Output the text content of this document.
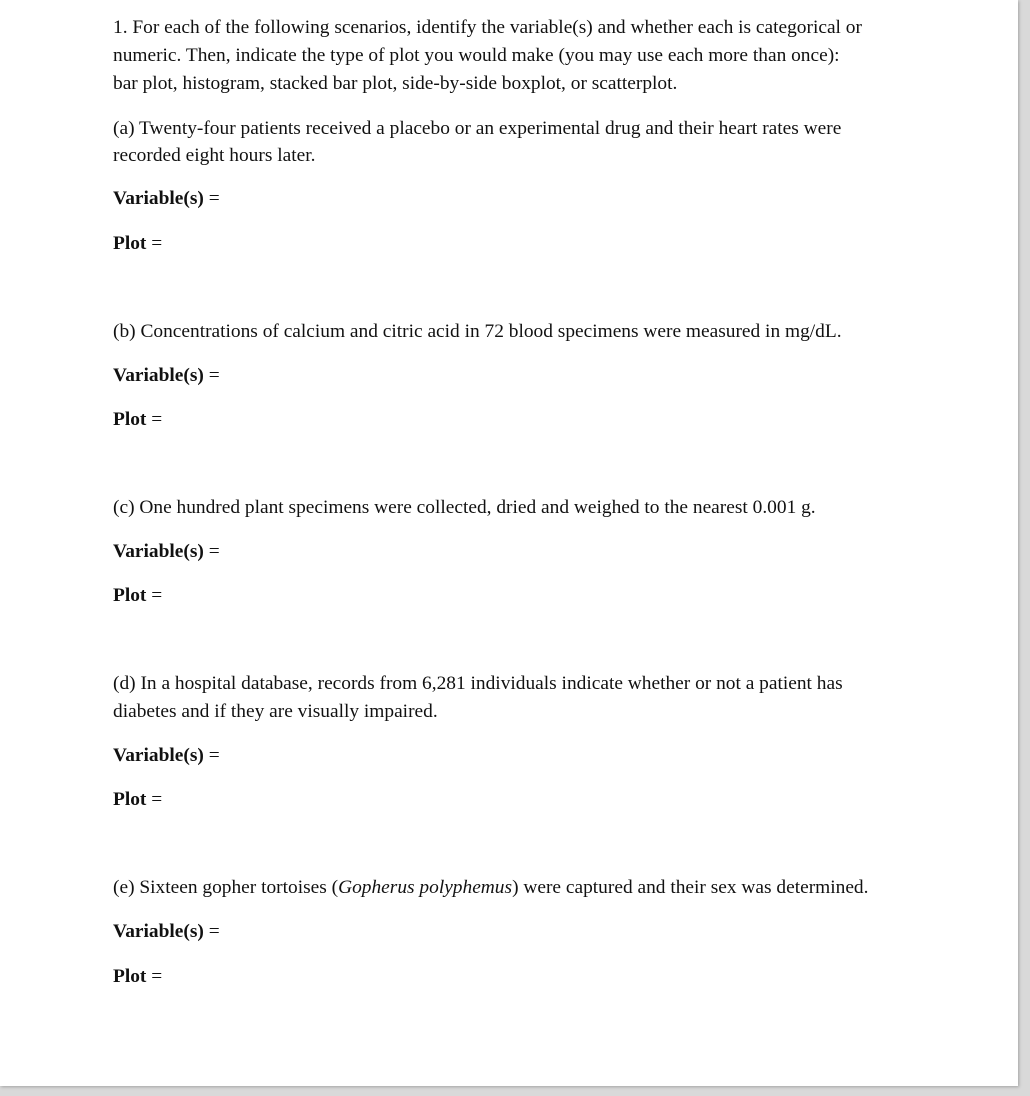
1. For each of the following scenarios, identify the variable(s) and whether each is categorical or
numeric. Then, indicate the type of plot you would make (you may use each more than once):
bar plot, histogram, stacked bar plot, side-by-side boxplot, or scatterplot.
(a) Twenty-four patients received a placebo or an experimental drug and their heart rates were
recorded eight hours later.
Variable(s) =
Plot =
(b) Concentrations of calcium and citric acid in 72 blood specimens were measured in mg/dL.
Variable(s) =
Plot =
(c) One hundred plant specimens were collected, dried and weighed to the nearest 0.001 g.
Variable(s) =
Plot =
(d) In a hospital database, records from 6,281 individuals indicate whether or not a patient has
diabetes and if they are visually impaired.
Variable(s) =
Plot =
(e) Sixteen gopher tortoises (Gopherus polyphemus) were captured and their sex was determined.
Variable(s) =
Plot =
